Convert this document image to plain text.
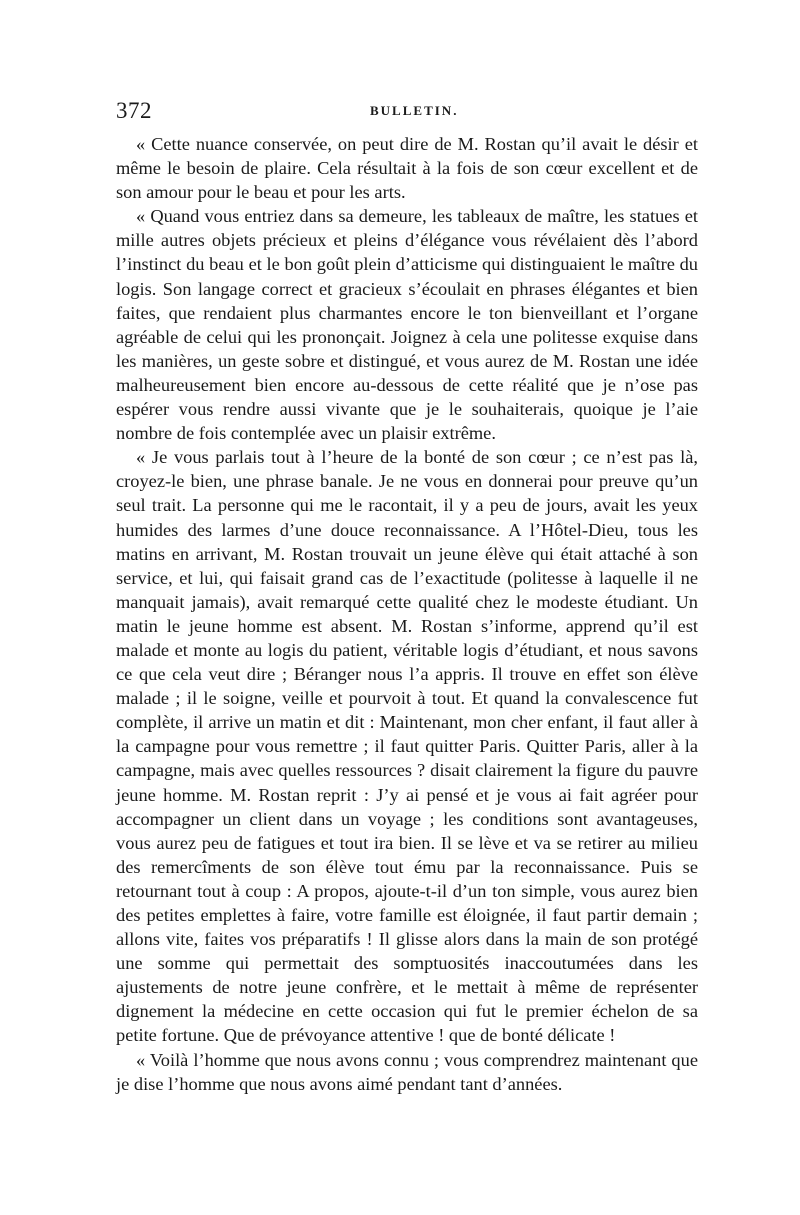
372	BULLETIN.

« Cette nuance conservée, on peut dire de M. Rostan qu’il avait le désir et même le besoin de plaire. Cela résultait à la fois de son cœur excellent et de son amour pour le beau et pour les arts.

« Quand vous entriez dans sa demeure, les tableaux de maître, les statues et mille autres objets précieux et pleins d’élégance vous révélaient dès l’abord l’instinct du beau et le bon goût plein d’atticisme qui distinguaient le maître du logis. Son langage correct et gracieux s’écoulait en phrases élégantes et bien faites, que rendaient plus charmantes encore le ton bienveillant et l’organe agréable de celui qui les prononçait. Joignez à cela une politesse exquise dans les manières, un geste sobre et distingué, et vous aurez de M. Rostan une idée malheureusement bien encore au-dessous de cette réalité que je n’ose pas espérer vous rendre aussi vivante que je le souhaiterais, quoique je l’aie nombre de fois contemplée avec un plaisir extrême.

« Je vous parlais tout à l’heure de la bonté de son cœur ; ce n’est pas là, croyez-le bien, une phrase banale. Je ne vous en donnerai pour preuve qu’un seul trait. La personne qui me le racontait, il y a peu de jours, avait les yeux humides des larmes d’une douce reconnaissance. A l’Hôtel-Dieu, tous les matins en arrivant, M. Rostan trouvait un jeune élève qui était attaché à son service, et lui, qui faisait grand cas de l’exactitude (politesse à laquelle il ne manquait jamais), avait remarqué cette qualité chez le modeste étudiant. Un matin le jeune homme est absent. M. Rostan s’informe, apprend qu’il est malade et monte au logis du patient, véritable logis d’étudiant, et nous savons ce que cela veut dire ; Béranger nous l’a appris. Il trouve en effet son élève malade ; il le soigne, veille et pourvoit à tout. Et quand la convalescence fut complète, il arrive un matin et dit : Maintenant, mon cher enfant, il faut aller à la campagne pour vous remettre ; il faut quitter Paris. Quitter Paris, aller à la campagne, mais avec quelles ressources ? disait clairement la figure du pauvre jeune homme. M. Rostan reprit : J’y ai pensé et je vous ai fait agréer pour accompagner un client dans un voyage ; les conditions sont avantageuses, vous aurez peu de fatigues et tout ira bien. Il se lève et va se retirer au milieu des remercîments de son élève tout ému par la reconnaissance. Puis se retournant tout à coup : A propos, ajoute-t-il d’un ton simple, vous aurez bien des petites emplettes à faire, votre famille est éloignée, il faut partir demain ; allons vite, faites vos préparatifs ! Il glisse alors dans la main de son protégé une somme qui permettait des somptuosités inaccoutumées dans les ajustements de notre jeune confrère, et le mettait à même de représenter dignement la médecine en cette occasion qui fut le premier échelon de sa petite fortune. Que de prévoyance attentive ! que de bonté délicate !

« Voilà l’homme que nous avons connu ; vous comprendrez maintenant que je dise l’homme que nous avons aimé pendant tant d’années.
